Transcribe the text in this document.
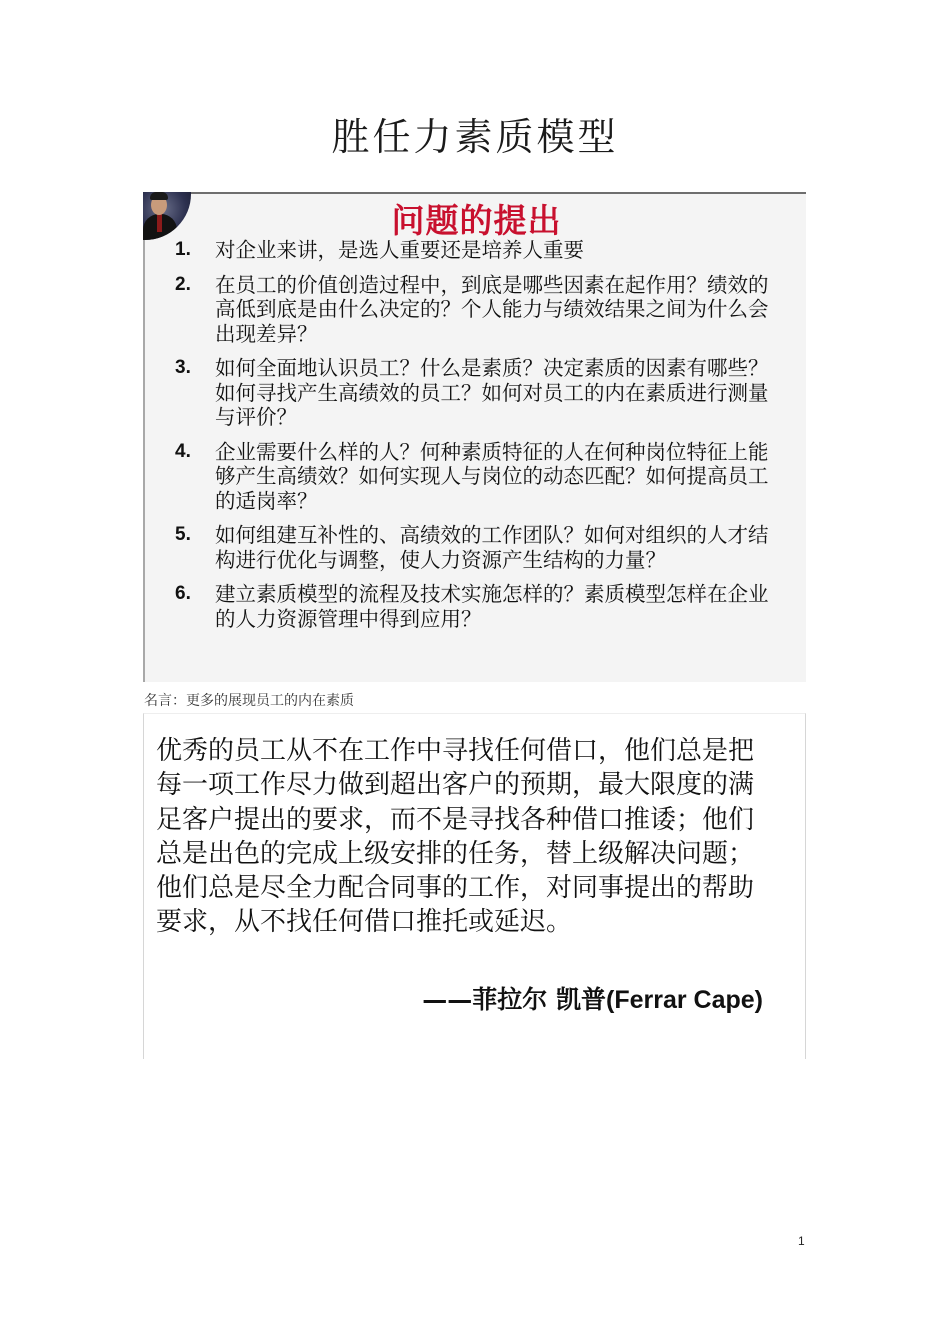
胜任力素质模型
问题的提出
1. 对企业来讲，是选人重要还是培养人重要
2. 在员工的价值创造过程中，到底是哪些因素在起作用？绩效的高低到底是由什么决定的？个人能力与绩效结果之间为什么会出现差异？
3. 如何全面地认识员工？什么是素质？决定素质的因素有哪些？如何寻找产生高绩效的员工？如何对员工的内在素质进行测量与评价？
4. 企业需要什么样的人？何种素质特征的人在何种岗位特征上能够产生高绩效？如何实现人与岗位的动态匹配？如何提高员工的适岗率？
5. 如何组建互补性的、高绩效的工作团队？如何对组织的人才结构进行优化与调整，使人力资源产生结构的力量？
6. 建立素质模型的流程及技术实施怎样的？素质模型怎样在企业的人力资源管理中得到应用？
名言：更多的展现员工的内在素质

优秀的员工从不在工作中寻找任何借口，他们总是把每一项工作尽力做到超出客户的预期，最大限度的满足客户提出的要求，而不是寻找各种借口推诿；他们总是出色的完成上级安排的任务，替上级解决问题；他们总是尽全力配合同事的工作，对同事提出的帮助要求，从不找任何借口推托或延迟。

——菲拉尔 凯普(Ferrar Cape)
1
